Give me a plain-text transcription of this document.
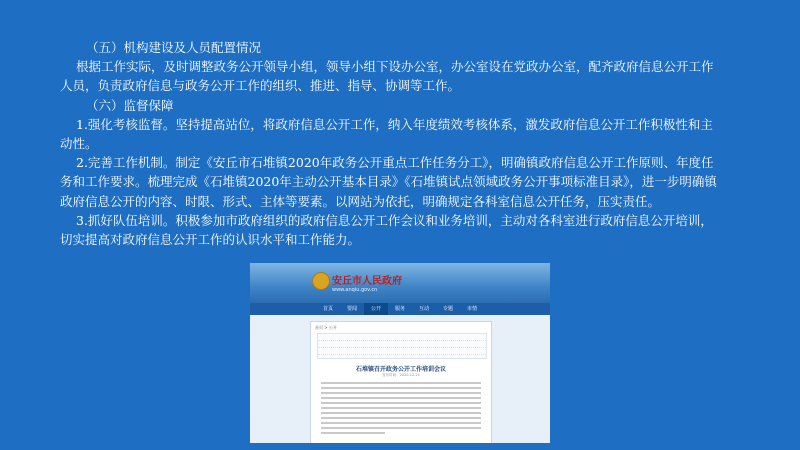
（五）机构建设及人员配置情况

根据工作实际，及时调整政务公开领导小组，领导小组下设办公室，办公室设在党政办公室，配齐政府信息公开工作

人员，负责政府信息与政务公开工作的组织、推进、指导、协调等工作。

（六）监督保障

1.强化考核监督。坚持提高站位，将政府信息公开工作，纳入年度绩效考核体系，激发政府信息公开工作积极性和主

动性。

2.完善工作机制。制定《安丘市石堆镇2020年政务公开重点工作任务分工》，明确镇政府信息公开工作原则、年度任

务和工作要求。梳理完成《石堆镇2020年主动公开基本目录》《石堆镇试点领域政务公开事项标准目录》，进一步明确镇

政府信息公开的内容、时限、形式、主体等要素。以网站为依托，明确规定各科室信息公开任务，压实责任。

3.抓好队伍培训。积极参加市政府组织的政府信息公开工作会议和业务培训，主动对各科室进行政府信息公开培训，

切实提高对政府信息公开工作的认识水平和工作能力。

安丘市人民政府
www.anqiu.gov.cn
首页	要闻	公开	服务	互动	专题	市情
首页 > 公开
石堆镇召开政务公开工作培训会议
发布时间：2020-12-21
